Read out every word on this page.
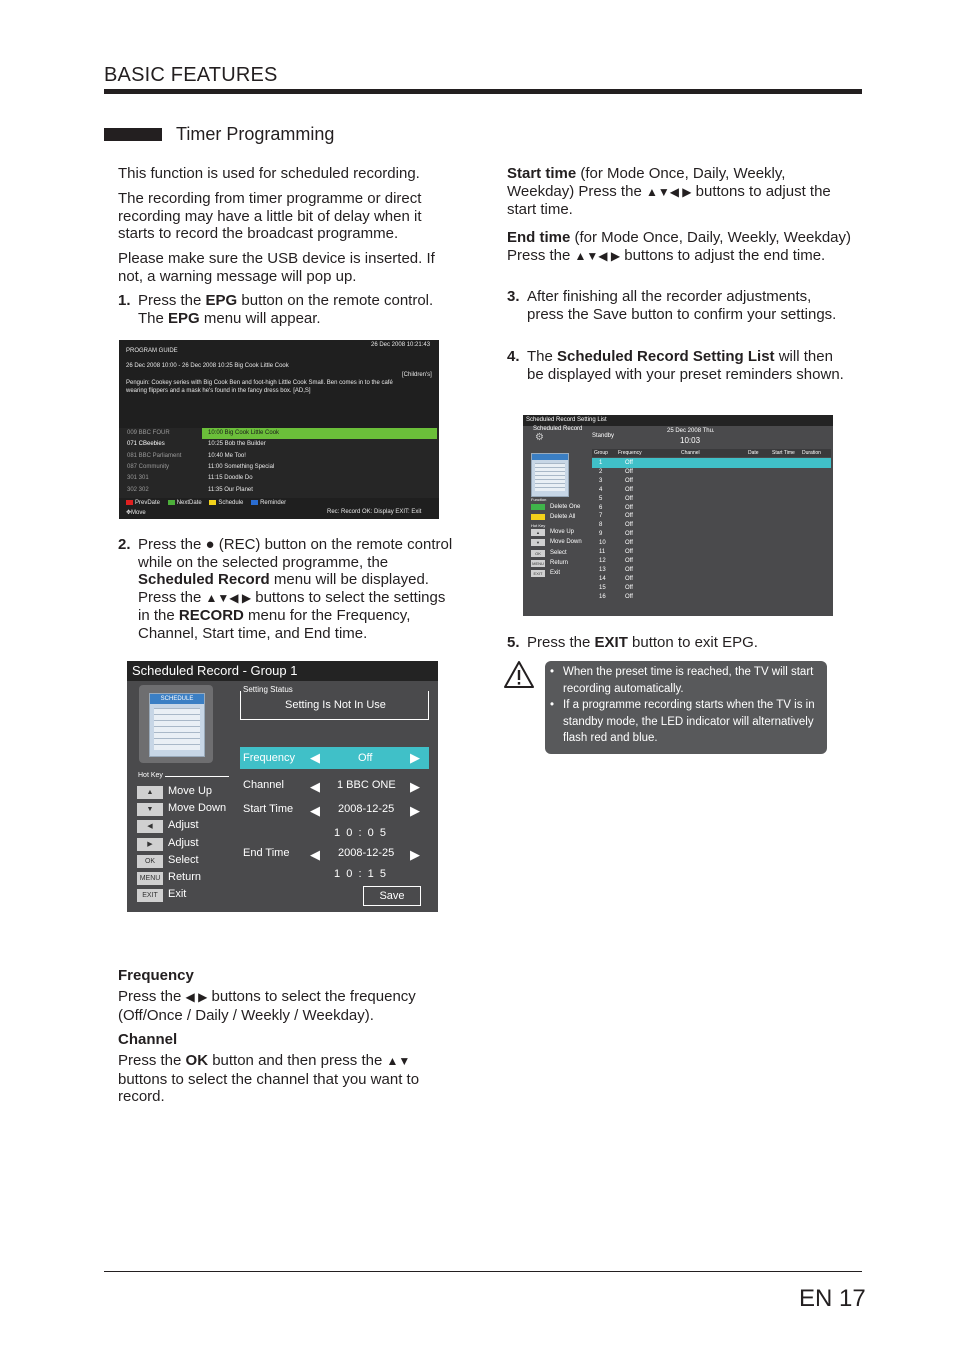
BASIC FEATURES
Timer Programming
This function is used for scheduled recording.
The recording from timer programme or direct recording may have a little bit of delay when it starts to record the broadcast programme.
Please make sure the USB device is inserted. If not, a warning message will pop up.
1. Press the EPG button on the remote control. The EPG menu will appear.
PROGRAM GUIDE
26 Dec 2008 10:21:43
26 Dec 2008 10:00 - 26 Dec 2008 10:25 Big Cook Little Cook
[Children's]
Penguin: Cookey series with Big Cook Ben and foot-high Little Cook Small. Ben comes in to the café
wearing flippers and a mask he's found in the fancy dress box. [AD,S]
009 BBC FOUR	10:00 Big Cook Little Cook
071 CBeebies	10:25 Bob the Builder
081 BBC Parliament	10:40 Me Too!
087 Community	11:00 Something Special
301 301	11:15 Doodle Do
302 302	11:35 Our Planet
PrevDate	NextDate	Schedule	Reminder
✥Move	Rec: Record OK: Display EXIT: Exit
2. Press the ● (REC) button on the remote control while on the selected programme, the Scheduled Record menu will be displayed. Press the ▲▼◀ ▶ buttons to select the settings in the RECORD menu for the Frequency, Channel, Start time, and End time.
Scheduled Record - Group 1
SCHEDULE
Setting Status
Setting Is Not In Use
Hot Key
▲	Move Up
▼	Move Down
◀	Adjust
▶	Adjust
OK	Select
MENU Return
EXIT Exit
Frequency ◀	Off	▶
Channel ◀ 1 BBC ONE ▶
Start Time ◀ 2008-12-25 ▶
1  0  :  0  5
End Time ◀ 2008-12-25 ▶
1  0  :  1  5
Save
Frequency
Press the ◀ ▶ buttons to select the frequency (Off/Once / Daily / Weekly / Weekday).
Channel
Press the OK button and then press the ▲▼ buttons to select the channel that you want to record.
Start time (for Mode Once, Daily, Weekly, Weekday) Press the ▲▼◀ ▶ buttons to adjust the start time.
End time (for Mode Once, Daily, Weekly, Weekday) Press the ▲▼◀ ▶ buttons to adjust the end time.
3. After finishing all the recorder adjustments, press the Save button to confirm your settings.
4. The Scheduled Record Setting List will then be displayed with your preset reminders shown.
Scheduled Record Setting List
Scheduled Record
⚙	Standby
25 Dec 2008 Thu.
10:03
Function
Delete One
Delete All
Hot Key
▲	Move Up
▼	Move Down
OK	Select
MENU Return
EXIT	Exit
Group Frequency	Channel	Date	Start Time Duration
1	Off
2	Off
3	Off
4	Off
5	Off
6	Off
7	Off
8	Off
9	Off
10	Off
11	Off
12	Off
13	Off
14	Off
15	Off
16	Off
5. Press the EXIT button to exit EPG.
• When the preset time is reached, the TV will start recording automatically.
• If a programme recording starts when the TV is in standby mode, the LED indicator will alternatively flash red and blue.
EN 17
